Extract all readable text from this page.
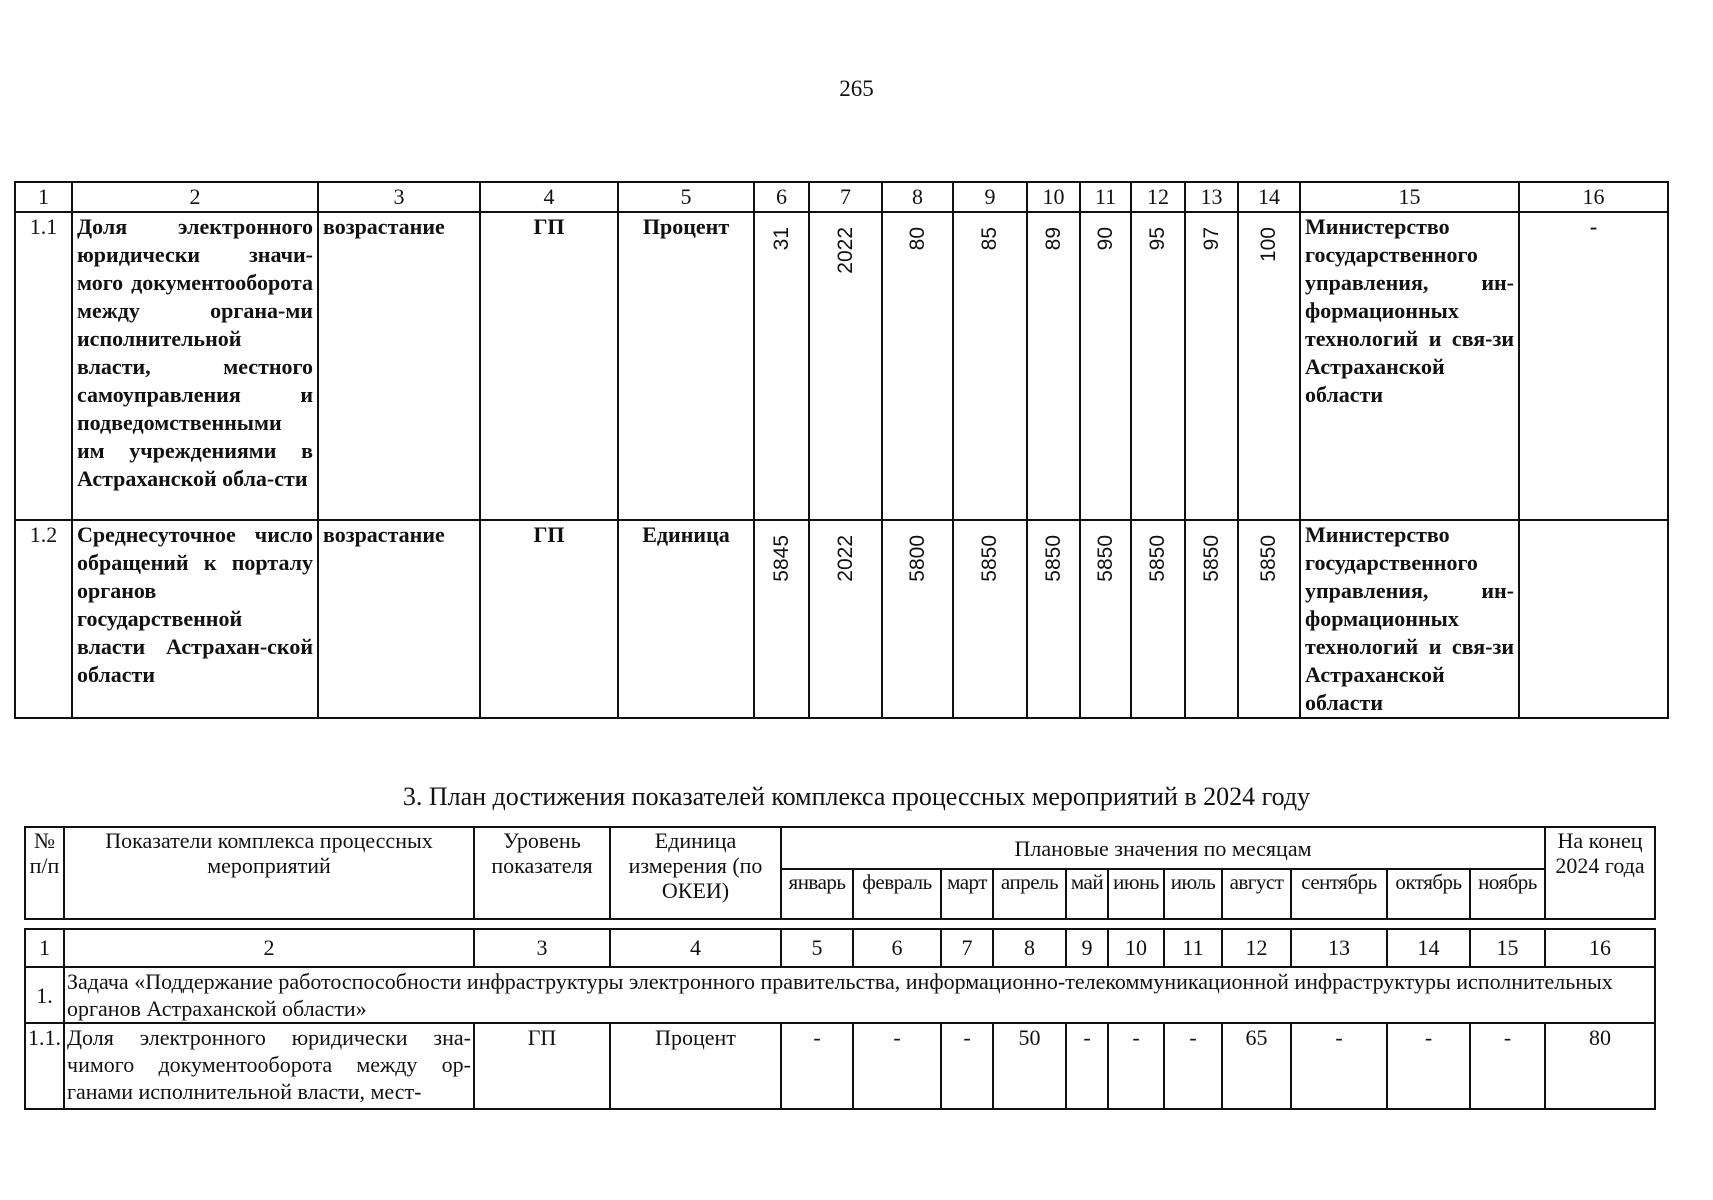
265
1	2	3	4	5	6	7	8	9	10	11	12	13	14	15	16
1.1	Доля электронного юридически значи-мого документооборота между органа-ми исполнительной власти, местного самоуправления и подведомственными им учреждениями в Астраханской обла-сти	возрастание	ГП	Процент	31	2022	80	85	89	90	95	97	100	Министерство государственного управления, ин-формационных технологий и свя-зи Астраханской области	-
1.2	Среднесуточное число обращений к порталу органов государственной власти Астрахан-ской области	возрастание	ГП	Единица	5845	2022	5800	5850	5850	5850	5850	5850	5850	Министерство государственного управления, ин-формационных технологий и свя-зи Астраханской области	
3. План достижения показателей комплекса процессных мероприятий в 2024 году
№ п/п	Показатели комплекса процессных мероприятий	Уровень показателя	Единица измерения (по ОКЕИ)	Плановые значения по месяцам											На конец 2024 года
				январь	февраль	март	апрель	май	июнь	июль	август	сентябрь	октябрь	ноябрь	
1	2	3	4	5	6	7	8	9	10	11	12	13	14	15	16
1.	Задача «Поддержание работоспособности инфраструктуры электронного правительства, информационно-телекоммуникационной инфраструктуры исполнительных органов Астраханской области»														
1.1.	Доля электронного юридически зна-чимого документооборота между ор-ганами исполнительной власти, мест-	ГП	Процент	-	-	-	50	-	-	-	65	-	-	-	80
